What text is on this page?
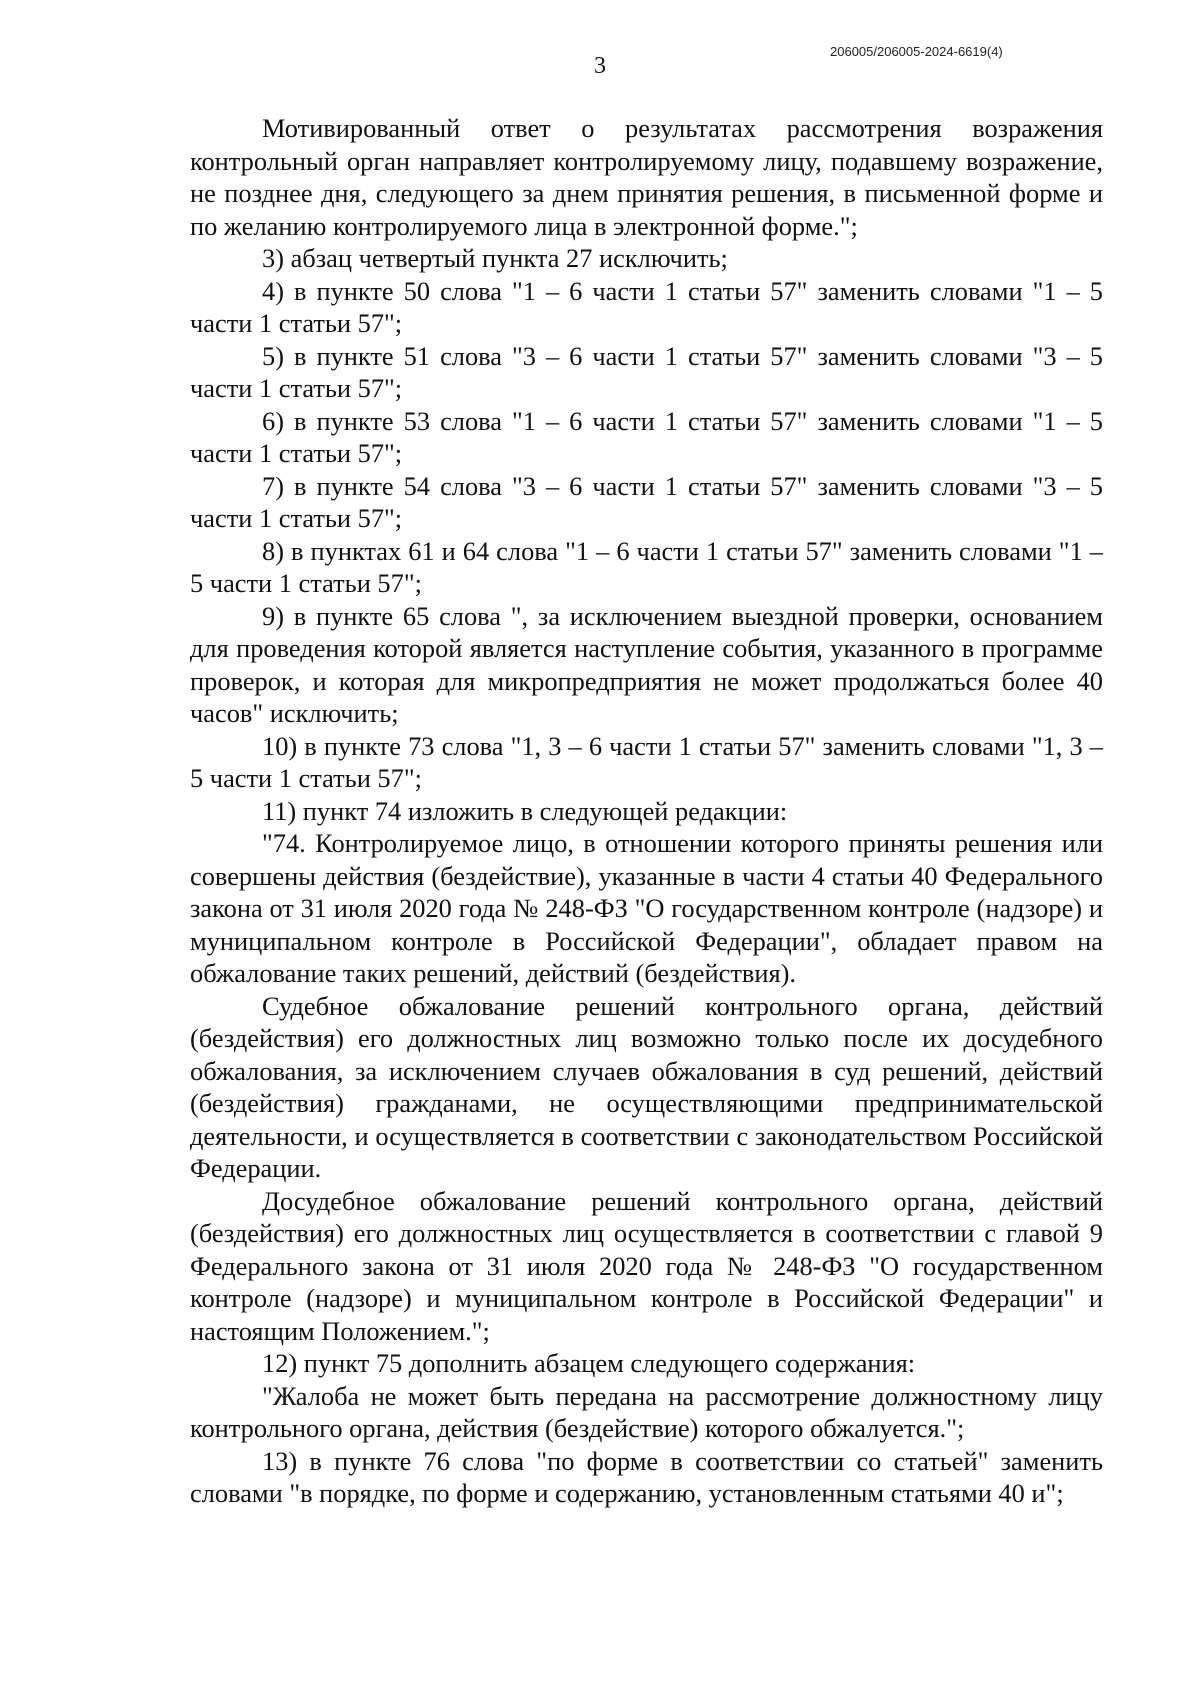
3
206005/206005-2024-6619(4)

Мотивированный ответ о результатах рассмотрения возражения контрольный орган направляет контролируемому лицу, подавшему возражение, не позднее дня, следующего за днем принятия решения, в письменной форме и по желанию контролируемого лица в электронной форме.";

3) абзац четвертый пункта 27 исключить;

4) в пункте 50 слова "1 – 6 части 1 статьи 57" заменить словами "1 – 5 части 1 статьи 57";

5) в пункте 51 слова "3 – 6 части 1 статьи 57" заменить словами "3 – 5 части 1 статьи 57";

6) в пункте 53 слова "1 – 6 части 1 статьи 57" заменить словами "1 – 5 части 1 статьи 57";

7) в пункте 54 слова "3 – 6 части 1 статьи 57" заменить словами "3 – 5 части 1 статьи 57";

8) в пунктах 61 и 64 слова "1 – 6 части 1 статьи 57" заменить словами "1 – 5 части 1 статьи 57";

9) в пункте 65 слова ", за исключением выездной проверки, основанием для проведения которой является наступление события, указанного в программе проверок, и которая для микропредприятия не может продолжаться более 40 часов" исключить;

10) в пункте 73 слова "1, 3 – 6 части 1 статьи 57" заменить словами "1, 3 – 5 части 1 статьи 57";

11) пункт 74 изложить в следующей редакции:

"74. Контролируемое лицо, в отношении которого приняты решения или совершены действия (бездействие), указанные в части 4 статьи 40 Федерального закона от 31 июля 2020 года № 248-ФЗ "О государственном контроле (надзоре) и муниципальном контроле в Российской Федерации", обладает правом на обжалование таких решений, действий (бездействия).

Судебное обжалование решений контрольного органа, действий (бездействия) его должностных лиц возможно только после их досудебного обжалования, за исключением случаев обжалования в суд решений, действий (бездействия) гражданами, не осуществляющими предпринимательской деятельности, и осуществляется в соответствии с законодательством Российской Федерации.

Досудебное обжалование решений контрольного органа, действий (бездействия) его должностных лиц осуществляется в соответствии с главой 9 Федерального закона от 31 июля 2020 года № 248-ФЗ "О государственном контроле (надзоре) и муниципальном контроле в Российской Федерации" и настоящим Положением.";

12) пункт 75 дополнить абзацем следующего содержания:

"Жалоба не может быть передана на рассмотрение должностному лицу контрольного органа, действия (бездействие) которого обжалуется.";

13) в пункте 76 слова "по форме в соответствии со статьей" заменить словами "в порядке, по форме и содержанию, установленным статьями 40 и";
